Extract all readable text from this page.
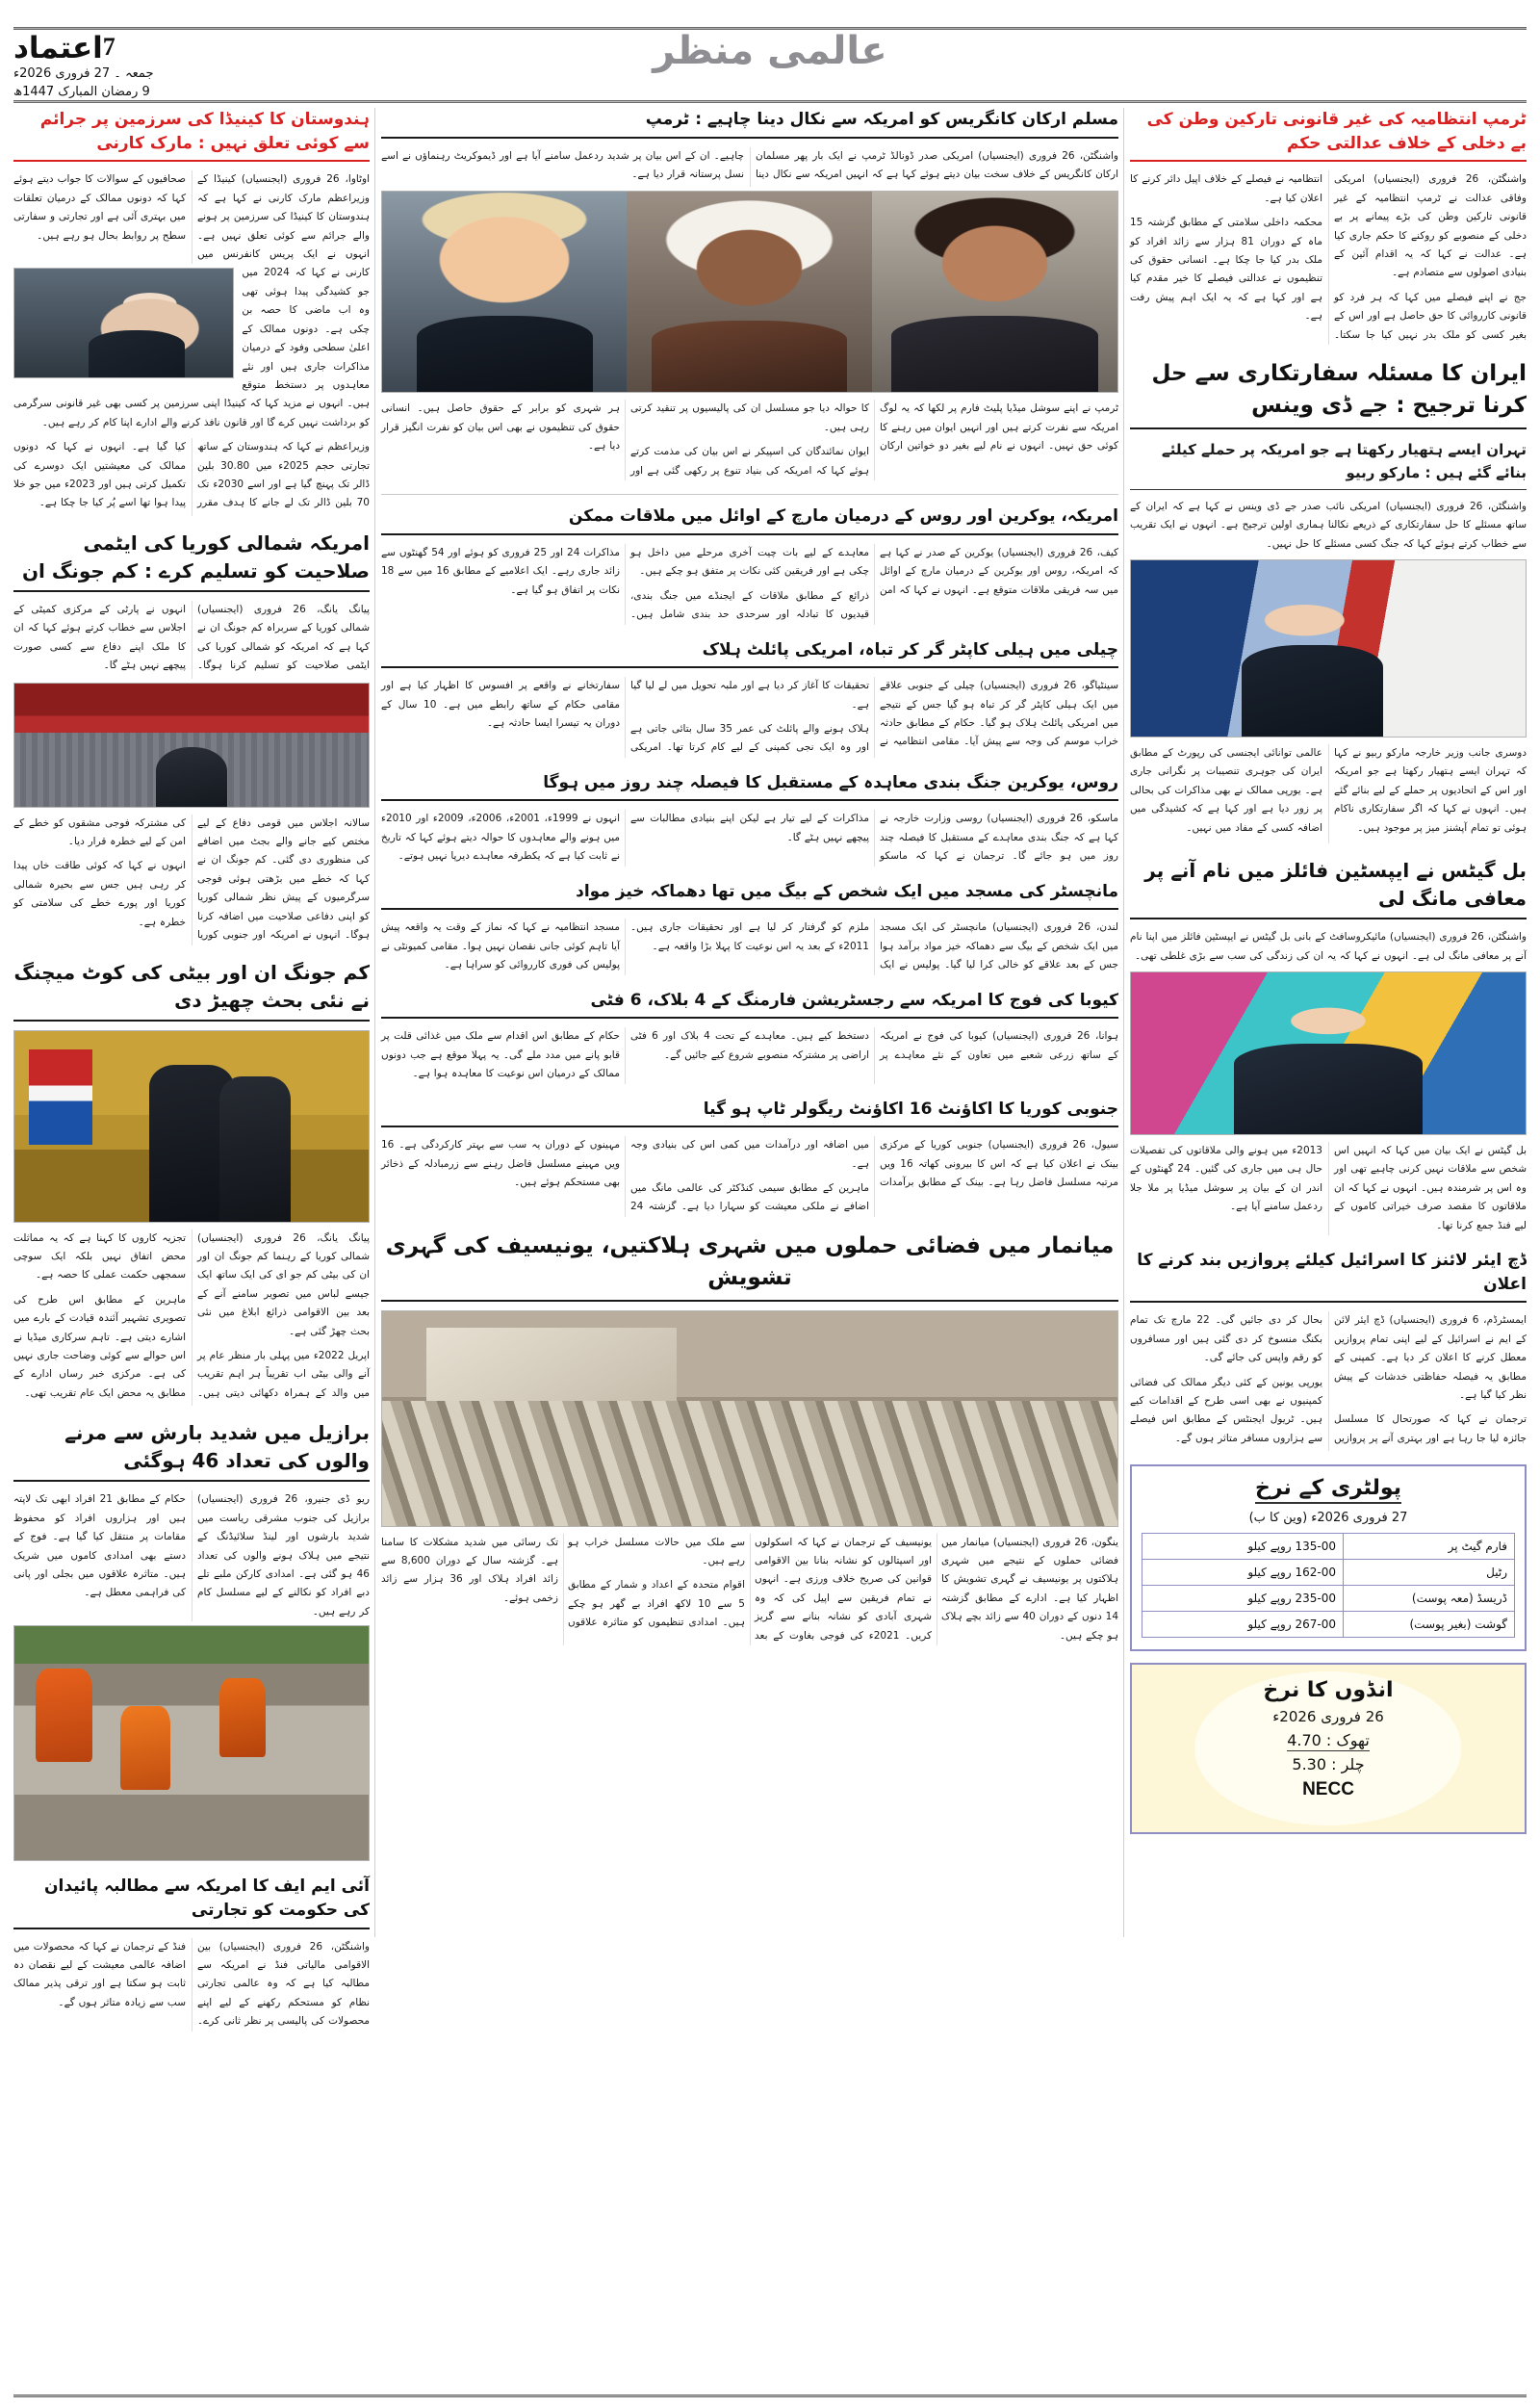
7اعتماد
جمعہ ۔ 27 فروری 2026ء
9 رمضان المبارک 1447ھ
عالمی منظر
ٹرمپ انتظامیہ کی غیر قانونی تارکین وطن کی بے دخلی کے خلاف عدالتی حکم
واشنگٹن، 26 فروری (ایجنسیاں) امریکی وفاقی عدالت نے ٹرمپ انتظامیہ کے غیر قانونی تارکین وطن کی بڑے پیمانے پر بے دخلی کے منصوبے کو روکنے کا حکم جاری کیا ہے۔ عدالت نے کہا کہ یہ اقدام آئین کے بنیادی اصولوں سے متصادم ہے۔
جج نے اپنے فیصلے میں کہا کہ ہر فرد کو قانونی کارروائی کا حق حاصل ہے اور اس کے بغیر کسی کو ملک بدر نہیں کیا جا سکتا۔ انتظامیہ نے فیصلے کے خلاف اپیل دائر کرنے کا اعلان کیا ہے۔
محکمہ داخلی سلامتی کے مطابق گزشتہ 15 ماہ کے دوران 81 ہزار سے زائد افراد کو ملک بدر کیا جا چکا ہے۔ انسانی حقوق کی تنظیموں نے عدالتی فیصلے کا خیر مقدم کیا ہے اور کہا ہے کہ یہ ایک اہم پیش رفت ہے۔
ایران کا مسئلہ سفارتکاری سے حل کرنا ترجیح : جے ڈی وینس
تہران ایسے ہتھیار رکھتا ہے جو امریکہ پر حملے کیلئے بنائے گئے ہیں : مارکو ربیو
واشنگٹن، 26 فروری (ایجنسیاں) امریکی نائب صدر جے ڈی وینس نے کہا ہے کہ ایران کے ساتھ مسئلے کا حل سفارتکاری کے ذریعے نکالنا ہماری اولین ترجیح ہے۔ انہوں نے ایک تقریب سے خطاب کرتے ہوئے کہا کہ جنگ کسی مسئلے کا حل نہیں۔
دوسری جانب وزیر خارجہ مارکو ربیو نے کہا کہ تہران ایسے ہتھیار رکھتا ہے جو امریکہ اور اس کے اتحادیوں پر حملے کے لیے بنائے گئے ہیں۔ انہوں نے کہا کہ اگر سفارتکاری ناکام ہوئی تو تمام آپشنز میز پر موجود ہیں۔
عالمی توانائی ایجنسی کی رپورٹ کے مطابق ایران کی جوہری تنصیبات پر نگرانی جاری ہے۔ یورپی ممالک نے بھی مذاکرات کی بحالی پر زور دیا ہے اور کہا ہے کہ کشیدگی میں اضافہ کسی کے مفاد میں نہیں۔
بل گیٹس نے ایپسٹین فائلز میں نام آنے پر معافی مانگ لی
واشنگٹن، 26 فروری (ایجنسیاں) مائیکروسافٹ کے بانی بل گیٹس نے ایپسٹین فائلز میں اپنا نام آنے پر معافی مانگ لی ہے۔ انہوں نے کہا کہ یہ ان کی زندگی کی سب سے بڑی غلطی تھی۔
بل گیٹس نے ایک بیان میں کہا کہ انہیں اس شخص سے ملاقات نہیں کرنی چاہیے تھی اور وہ اس پر شرمندہ ہیں۔ انہوں نے کہا کہ ان ملاقاتوں کا مقصد صرف خیراتی کاموں کے لیے فنڈ جمع کرنا تھا۔
2013ء میں ہونے والی ملاقاتوں کی تفصیلات حال ہی میں جاری کی گئیں۔ 24 گھنٹوں کے اندر ان کے بیان پر سوشل میڈیا پر ملا جلا ردعمل سامنے آیا ہے۔
ڈچ ایئر لائنز کا اسرائیل کیلئے پروازیں بند کرنے کا اعلان
ایمسٹرڈم، 6 فروری (ایجنسیاں) ڈچ ایئر لائن کے ایم نے اسرائیل کے لیے اپنی تمام پروازیں معطل کرنے کا اعلان کر دیا ہے۔ کمپنی کے مطابق یہ فیصلہ حفاظتی خدشات کے پیش نظر کیا گیا ہے۔
ترجمان نے کہا کہ صورتحال کا مسلسل جائزہ لیا جا رہا ہے اور بہتری آنے پر پروازیں بحال کر دی جائیں گی۔ 22 مارچ تک تمام بکنگ منسوخ کر دی گئی ہیں اور مسافروں کو رقم واپس کی جائے گی۔
یورپی یونین کے کئی دیگر ممالک کی فضائی کمپنیوں نے بھی اسی طرح کے اقدامات کیے ہیں۔ ٹریول ایجنٹس کے مطابق اس فیصلے سے ہزاروں مسافر متاثر ہوں گے۔
پولٹری کے نرخ
27 فروری 2026ء (وین کا ب)
فارم گیٹ پر	135-00 روپے کیلو
رٹیل	162-00 روپے کیلو
ڈریسڈ (معہ پوست)	235-00 روپے کیلو
گوشت (بغیر پوست)	267-00 روپے کیلو
انڈوں کا نرخ
26 فروری 2026ء
تھوک : 4.70
چلر : 5.30
NECC
مسلم ارکان کانگریس کو امریکہ سے نکال دینا چاہیے : ٹرمپ
واشنگٹن، 26 فروری (ایجنسیاں) امریکی صدر ڈونالڈ ٹرمپ نے ایک بار پھر مسلمان ارکان کانگریس کے خلاف سخت بیان دیتے ہوئے کہا ہے کہ انہیں امریکہ سے نکال دینا چاہیے۔ ان کے اس بیان پر شدید ردعمل سامنے آیا ہے اور ڈیموکریٹ رہنماؤں نے اسے نسل پرستانہ قرار دیا ہے۔
ٹرمپ نے اپنے سوشل میڈیا پلیٹ فارم پر لکھا کہ یہ لوگ امریکہ سے نفرت کرتے ہیں اور انہیں ایوان میں رہنے کا کوئی حق نہیں۔ انہوں نے نام لیے بغیر دو خواتین ارکان کا حوالہ دیا جو مسلسل ان کی پالیسیوں پر تنقید کرتی رہی ہیں۔
ایوان نمائندگان کی اسپیکر نے اس بیان کی مذمت کرتے ہوئے کہا کہ امریکہ کی بنیاد تنوع پر رکھی گئی ہے اور ہر شہری کو برابر کے حقوق حاصل ہیں۔ انسانی حقوق کی تنظیموں نے بھی اس بیان کو نفرت انگیز قرار دیا ہے۔
امریکہ، یوکرین اور روس کے درمیان مارچ کے اوائل میں ملاقات ممکن
کیف، 26 فروری (ایجنسیاں) یوکرین کے صدر نے کہا ہے کہ امریکہ، روس اور یوکرین کے درمیان مارچ کے اوائل میں سہ فریقی ملاقات متوقع ہے۔ انہوں نے کہا کہ امن معاہدے کے لیے بات چیت آخری مرحلے میں داخل ہو چکی ہے اور فریقین کئی نکات پر متفق ہو چکے ہیں۔
ذرائع کے مطابق ملاقات کے ایجنڈے میں جنگ بندی، قیدیوں کا تبادلہ اور سرحدی حد بندی شامل ہیں۔ مذاکرات 24 اور 25 فروری کو ہوئے اور 54 گھنٹوں سے زائد جاری رہے۔ ایک اعلامیے کے مطابق 16 میں سے 18 نکات پر اتفاق ہو گیا ہے۔
چیلی میں ہیلی کاپٹر گر کر تباہ، امریکی پائلٹ ہلاک
سینٹیاگو، 26 فروری (ایجنسیاں) چیلی کے جنوبی علاقے میں ایک ہیلی کاپٹر گر کر تباہ ہو گیا جس کے نتیجے میں امریکی پائلٹ ہلاک ہو گیا۔ حکام کے مطابق حادثہ خراب موسم کی وجہ سے پیش آیا۔ مقامی انتظامیہ نے تحقیقات کا آغاز کر دیا ہے اور ملبہ تحویل میں لے لیا گیا ہے۔
ہلاک ہونے والے پائلٹ کی عمر 35 سال بتائی جاتی ہے اور وہ ایک نجی کمپنی کے لیے کام کرتا تھا۔ امریکی سفارتخانے نے واقعے پر افسوس کا اظہار کیا ہے اور مقامی حکام کے ساتھ رابطے میں ہے۔ 10 سال کے دوران یہ تیسرا ایسا حادثہ ہے۔
روس، یوکرین جنگ بندی معاہدہ کے مستقبل کا فیصلہ چند روز میں ہوگا
ماسکو، 26 فروری (ایجنسیاں) روسی وزارت خارجہ نے کہا ہے کہ جنگ بندی معاہدے کے مستقبل کا فیصلہ چند روز میں ہو جائے گا۔ ترجمان نے کہا کہ ماسکو مذاکرات کے لیے تیار ہے لیکن اپنے بنیادی مطالبات سے پیچھے نہیں ہٹے گا۔
انہوں نے 1999ء، 2001ء، 2006ء، 2009ء اور 2010ء میں ہونے والے معاہدوں کا حوالہ دیتے ہوئے کہا کہ تاریخ نے ثابت کیا ہے کہ یکطرفہ معاہدے دیرپا نہیں ہوتے۔
مانچسٹر کی مسجد میں ایک شخص کے بیگ میں تھا دھماکہ خیز مواد
لندن، 26 فروری (ایجنسیاں) مانچسٹر کی ایک مسجد میں ایک شخص کے بیگ سے دھماکہ خیز مواد برآمد ہوا جس کے بعد علاقے کو خالی کرا لیا گیا۔ پولیس نے ایک ملزم کو گرفتار کر لیا ہے اور تحقیقات جاری ہیں۔ 2011ء کے بعد یہ اس نوعیت کا پہلا بڑا واقعہ ہے۔
مسجد انتظامیہ نے کہا کہ نماز کے وقت یہ واقعہ پیش آیا تاہم کوئی جانی نقصان نہیں ہوا۔ مقامی کمیونٹی نے پولیس کی فوری کارروائی کو سراہا ہے۔
کیوبا کی فوج کا امریکہ سے رجسٹریشن فارمنگ کے 4 بلاک، 6 فٹی
ہوانا، 26 فروری (ایجنسیاں) کیوبا کی فوج نے امریکہ کے ساتھ زرعی شعبے میں تعاون کے نئے معاہدے پر دستخط کیے ہیں۔ معاہدے کے تحت 4 بلاک اور 6 فٹی اراضی پر مشترکہ منصوبے شروع کیے جائیں گے۔
حکام کے مطابق اس اقدام سے ملک میں غذائی قلت پر قابو پانے میں مدد ملے گی۔ یہ پہلا موقع ہے جب دونوں ممالک کے درمیان اس نوعیت کا معاہدہ ہوا ہے۔
جنوبی کوریا کا اکاؤنٹ 16 اکاؤنٹ ریگولر ٹاپ ہو گیا
سیول، 26 فروری (ایجنسیاں) جنوبی کوریا کے مرکزی بینک نے اعلان کیا ہے کہ اس کا بیرونی کھاتہ 16 ویں مرتبہ مسلسل فاضل رہا ہے۔ بینک کے مطابق برآمدات میں اضافہ اور درآمدات میں کمی اس کی بنیادی وجہ ہے۔
ماہرین کے مطابق سیمی کنڈکٹر کی عالمی مانگ میں اضافے نے ملکی معیشت کو سہارا دیا ہے۔ گزشتہ 24 مہینوں کے دوران یہ سب سے بہتر کارکردگی ہے۔ 16 ویں مہینے مسلسل فاضل رہنے سے زرمبادلہ کے ذخائر بھی مستحکم ہوئے ہیں۔
میانمار میں فضائی حملوں میں شہری ہلاکتیں، یونیسیف کی گہری تشویش
ینگون، 26 فروری (ایجنسیاں) میانمار میں فضائی حملوں کے نتیجے میں شہری ہلاکتوں پر یونیسیف نے گہری تشویش کا اظہار کیا ہے۔ ادارے کے مطابق گزشتہ 14 دنوں کے دوران 40 سے زائد بچے ہلاک ہو چکے ہیں۔
یونیسیف کے ترجمان نے کہا کہ اسکولوں اور اسپتالوں کو نشانہ بنانا بین الاقوامی قوانین کی صریح خلاف ورزی ہے۔ انہوں نے تمام فریقین سے اپیل کی کہ وہ شہری آبادی کو نشانہ بنانے سے گریز کریں۔ 2021ء کی فوجی بغاوت کے بعد سے ملک میں حالات مسلسل خراب ہو رہے ہیں۔
اقوام متحدہ کے اعداد و شمار کے مطابق 5 سے 10 لاکھ افراد بے گھر ہو چکے ہیں۔ امدادی تنظیموں کو متاثرہ علاقوں تک رسائی میں شدید مشکلات کا سامنا ہے۔ گزشتہ سال کے دوران 8,600 سے زائد افراد ہلاک اور 36 ہزار سے زائد زخمی ہوئے۔
ہندوستان کا کینیڈا کی سرزمین پر جرائم سے کوئی تعلق نہیں : مارک کارنی
اوٹاوا، 26 فروری (ایجنسیاں) کینیڈا کے وزیراعظم مارک کارنی نے کہا ہے کہ ہندوستان کا کینیڈا کی سرزمین پر ہونے والے جرائم سے کوئی تعلق نہیں ہے۔ انہوں نے ایک پریس کانفرنس میں صحافیوں کے سوالات کا جواب دیتے ہوئے کہا کہ دونوں ممالک کے درمیان تعلقات میں بہتری آئی ہے اور تجارتی و سفارتی سطح پر روابط بحال ہو رہے ہیں۔
کارنی نے کہا کہ 2024 میں جو کشیدگی پیدا ہوئی تھی وہ اب ماضی کا حصہ بن چکی ہے۔ دونوں ممالک کے اعلیٰ سطحی وفود کے درمیان مذاکرات جاری ہیں اور نئے معاہدوں پر دستخط متوقع ہیں۔ انہوں نے مزید کہا کہ کینیڈا اپنی سرزمین پر کسی بھی غیر قانونی سرگرمی کو برداشت نہیں کرے گا اور قانون نافذ کرنے والے ادارے اپنا کام کر رہے ہیں۔
وزیراعظم نے کہا کہ ہندوستان کے ساتھ تجارتی حجم 2025ء میں 30.80 بلین ڈالر تک پہنچ گیا ہے اور اسے 2030ء تک 70 بلین ڈالر تک لے جانے کا ہدف مقرر کیا گیا ہے۔ انہوں نے کہا کہ دونوں ممالک کی معیشتیں ایک دوسرے کی تکمیل کرتی ہیں اور 2023ء میں جو خلا پیدا ہوا تھا اسے پُر کیا جا چکا ہے۔
امریکہ شمالی کوریا کی ایٹمی صلاحیت کو تسلیم کرے : کم جونگ ان
پیانگ یانگ، 26 فروری (ایجنسیاں) شمالی کوریا کے سربراہ کم جونگ ان نے کہا ہے کہ امریکہ کو شمالی کوریا کی ایٹمی صلاحیت کو تسلیم کرنا ہوگا۔ انہوں نے پارٹی کے مرکزی کمیٹی کے اجلاس سے خطاب کرتے ہوئے کہا کہ ان کا ملک اپنے دفاع سے کسی صورت پیچھے نہیں ہٹے گا۔
سالانہ اجلاس میں قومی دفاع کے لیے مختص کیے جانے والے بجٹ میں اضافے کی منظوری دی گئی۔ کم جونگ ان نے کہا کہ خطے میں بڑھتی ہوئی فوجی سرگرمیوں کے پیش نظر شمالی کوریا کو اپنی دفاعی صلاحیت میں اضافہ کرنا ہوگا۔ انہوں نے امریکہ اور جنوبی کوریا کی مشترکہ فوجی مشقوں کو خطے کے امن کے لیے خطرہ قرار دیا۔
انہوں نے کہا کہ کوئی طاقت خاں پیدا کر رہی ہیں جس سے بحیرہ شمالی کوریا اور پورے خطے کی سلامتی کو خطرہ ہے۔
کم جونگ ان اور بیٹی کی کوٹ میچنگ نے نئی بحث چھیڑ دی
پیانگ یانگ، 26 فروری (ایجنسیاں) شمالی کوریا کے رہنما کم جونگ ان اور ان کی بیٹی کم جو ای کی ایک ساتھ ایک جیسے لباس میں تصویر سامنے آنے کے بعد بین الاقوامی ذرائع ابلاغ میں نئی بحث چھڑ گئی ہے۔
اپریل 2022ء میں پہلی بار منظر عام پر آنے والی بیٹی اب تقریباً ہر اہم تقریب میں والد کے ہمراہ دکھائی دیتی ہیں۔ تجزیہ کاروں کا کہنا ہے کہ یہ مماثلت محض اتفاق نہیں بلکہ ایک سوچی سمجھی حکمت عملی کا حصہ ہے۔
ماہرین کے مطابق اس طرح کی تصویری تشہیر آئندہ قیادت کے بارے میں اشارے دیتی ہے۔ تاہم سرکاری میڈیا نے اس حوالے سے کوئی وضاحت جاری نہیں کی ہے۔ مرکزی خبر رساں ادارے کے مطابق یہ محض ایک عام تقریب تھی۔
برازیل میں شدید بارش سے مرنے والوں کی تعداد 46 ہوگئی
ریو ڈی جنیرو، 26 فروری (ایجنسیاں) برازیل کی جنوب مشرقی ریاست میں شدید بارشوں اور لینڈ سلائیڈنگ کے نتیجے میں ہلاک ہونے والوں کی تعداد 46 ہو گئی ہے۔ امدادی کارکن ملبے تلے دبے افراد کو نکالنے کے لیے مسلسل کام کر رہے ہیں۔
حکام کے مطابق 21 افراد ابھی تک لاپتہ ہیں اور ہزاروں افراد کو محفوظ مقامات پر منتقل کیا گیا ہے۔ فوج کے دستے بھی امدادی کاموں میں شریک ہیں۔ متاثرہ علاقوں میں بجلی اور پانی کی فراہمی معطل ہے۔
آئی ایم ایف کا امریکہ سے مطالبہ پائیدان کی حکومت کو تجارتی
واشنگٹن، 26 فروری (ایجنسیاں) بین الاقوامی مالیاتی فنڈ نے امریکہ سے مطالبہ کیا ہے کہ وہ عالمی تجارتی نظام کو مستحکم رکھنے کے لیے اپنے محصولات کی پالیسی پر نظر ثانی کرے۔ فنڈ کے ترجمان نے کہا کہ محصولات میں اضافہ عالمی معیشت کے لیے نقصان دہ ثابت ہو سکتا ہے اور ترقی پذیر ممالک سب سے زیادہ متاثر ہوں گے۔
